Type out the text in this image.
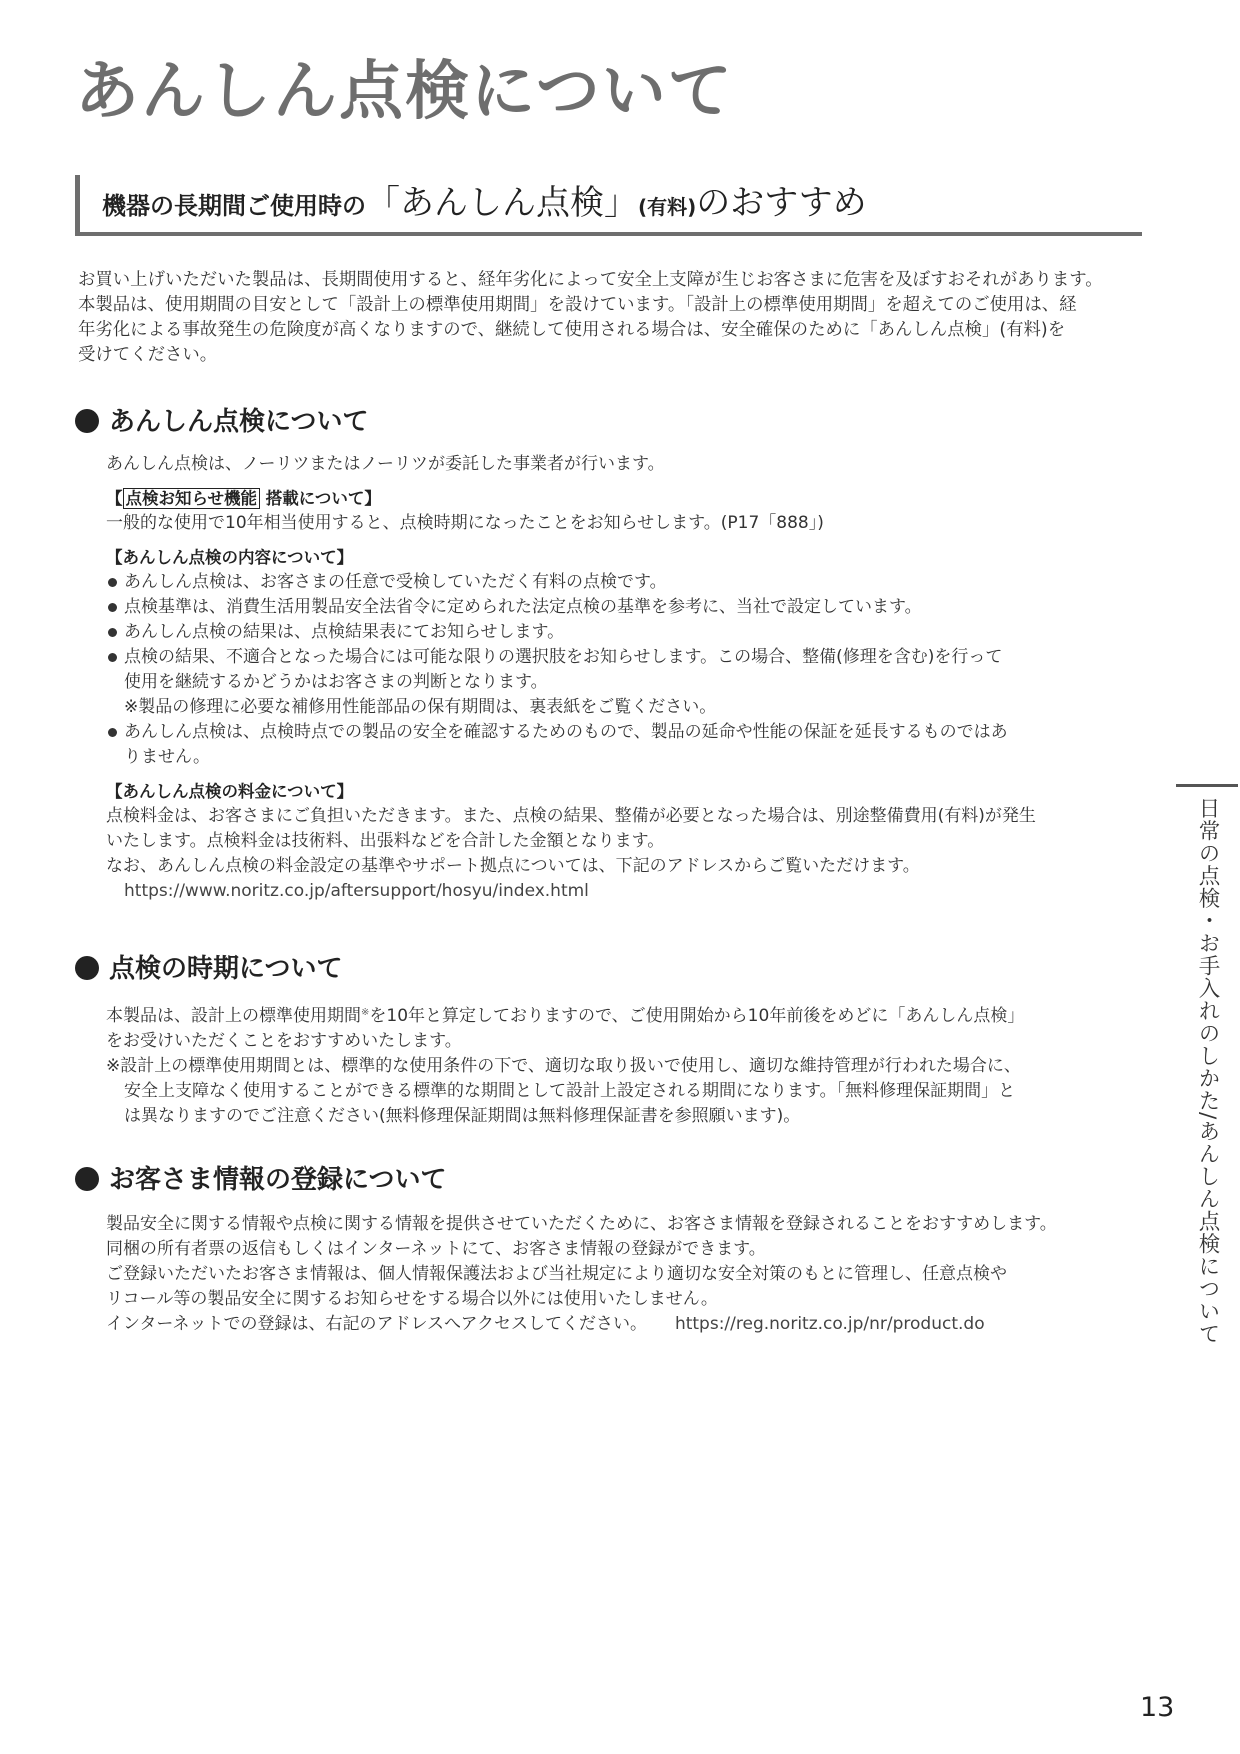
あんしん点検について
機器の長期間ご使用時の「あんしん点検」(有料)のおすすめ

お買い上げいただいた製品は、長期間使用すると、経年劣化によって安全上支障が生じお客さまに危害を及ぼすおそれがあります。
本製品は、使用期間の目安として「設計上の標準使用期間」を設けています。「設計上の標準使用期間」を超えてのご使用は、経
年劣化による事故発生の危険度が高くなりますので、継続して使用される場合は、安全確保のために「あんしん点検」(有料)を
受けてください。

あんしん点検について

あんしん点検は、ノーリツまたはノーリツが委託した事業者が行います。

【 点検お知らせ機能 搭載について】

一般的な使用で10年相当使用すると、点検時期になったことをお知らせします。(P17「888」)

【あんしん点検の内容について】

あんしん点検は、お客さまの任意で受検していただく有料の点検です。

点検基準は、消費生活用製品安全法省令に定められた法定点検の基準を参考に、当社で設定しています。

あんしん点検の結果は、点検結果表にてお知らせします。

点検の結果、不適合となった場合には可能な限りの選択肢をお知らせします。この場合、整備(修理を含む)を行って

使用を継続するかどうかはお客さまの判断となります。

※製品の修理に必要な補修用性能部品の保有期間は、裏表紙をご覧ください。

あんしん点検は、点検時点での製品の安全を確認するためのもので、製品の延命や性能の保証を延長するものではあ

りません。

【あんしん点検の料金について】

点検料金は、お客さまにご負担いただきます。また、点検の結果、整備が必要となった場合は、別途整備費用(有料)が発生

いたします。点検料金は技術料、出張料などを合計した金額となります。

なお、あんしん点検の料金設定の基準やサポート拠点については、下記のアドレスからご覧いただけます。

https://www.noritz.co.jp/aftersupport/hosyu/index.html

点検の時期について

本製品は、設計上の標準使用期間※を10年と算定しておりますので、ご使用開始から10年前後をめどに「あんしん点検」

をお受けいただくことをおすすめいたします。

※設計上の標準使用期間とは、標準的な使用条件の下で、適切な取り扱いで使用し、適切な維持管理が行われた場合に、

安全上支障なく使用することができる標準的な期間として設計上設定される期間になります。「無料修理保証期間」と

は異なりますのでご注意ください(無料修理保証期間は無料修理保証書を参照願います)。

お客さま情報の登録について

製品安全に関する情報や点検に関する情報を提供させていただくために、お客さま情報を登録されることをおすすめします。

同梱の所有者票の返信もしくはインターネットにて、お客さま情報の登録ができます。

ご登録いただいたお客さま情報は、個人情報保護法および当社規定により適切な安全対策のもとに管理し、任意点検や

リコール等の製品安全に関するお知らせをする場合以外には使用いたしません。

インターネットでの登録は、右記のアドレスへアクセスしてください。 https://reg.noritz.co.jp/nr/product.do	日常の点検・お手入れのしかた/あんしん点検について
13
